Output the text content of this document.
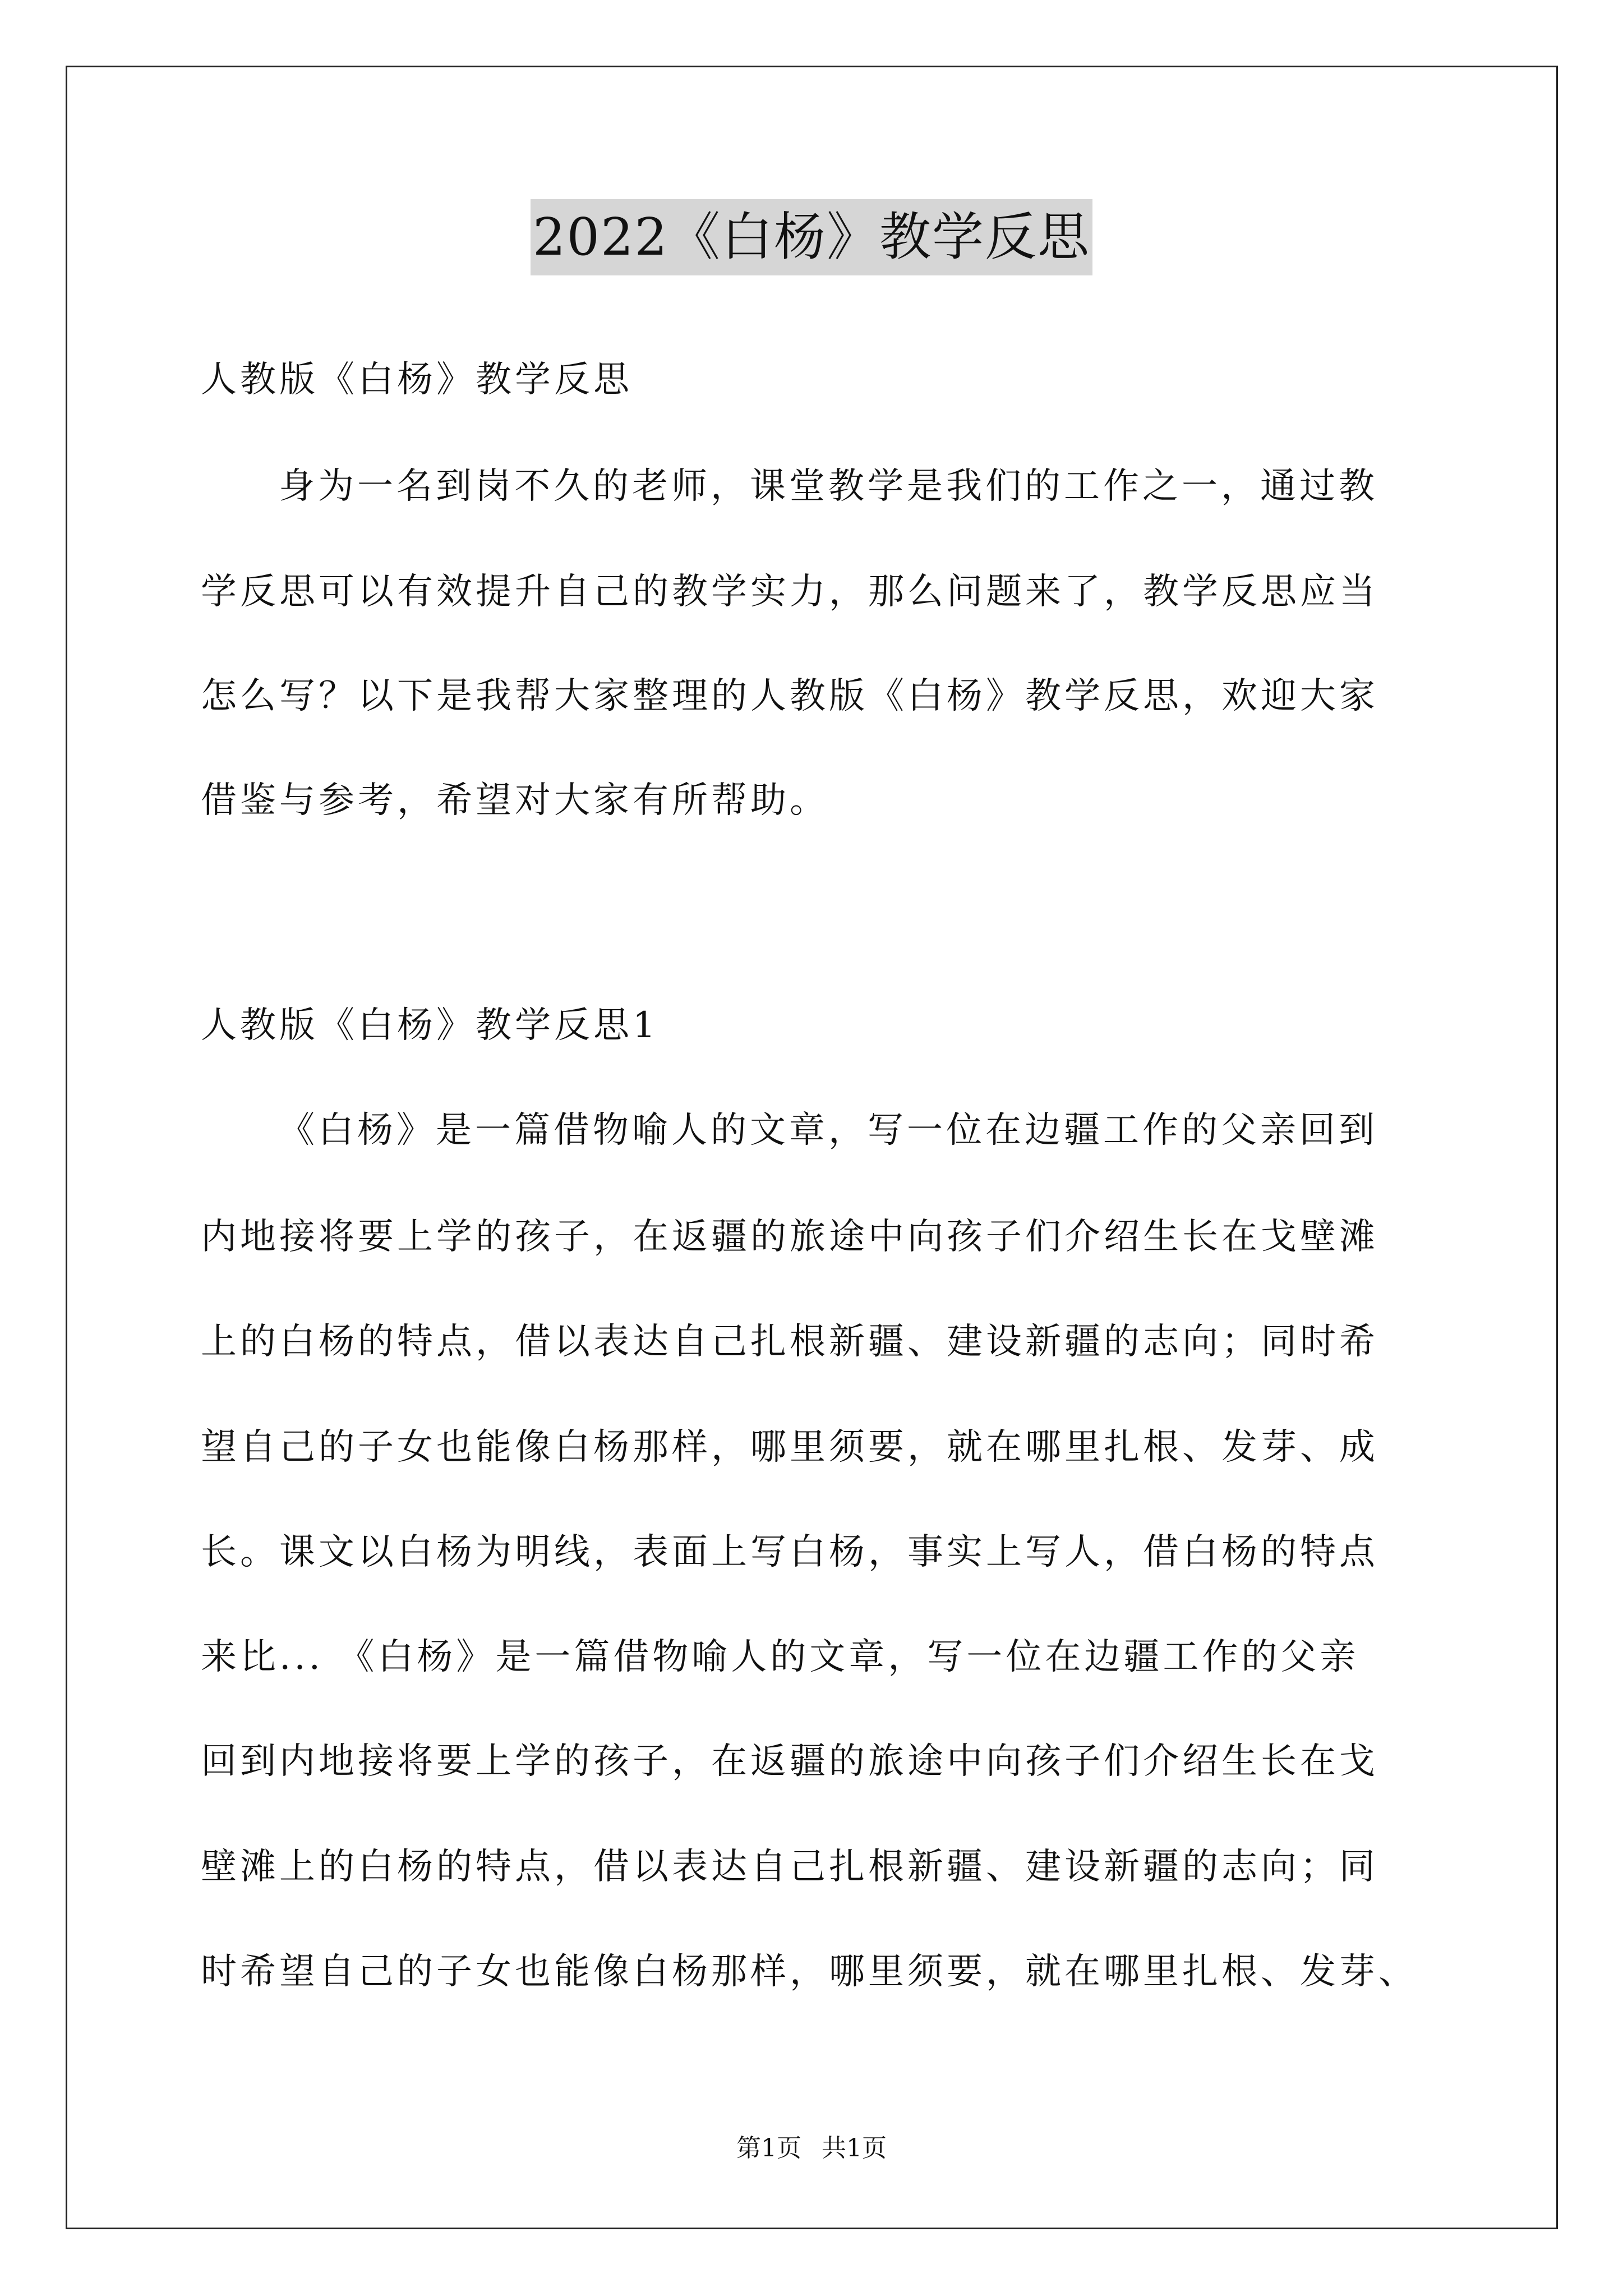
2022《白杨》教学反思
人教版《白杨》教学反思
身为一名到岗不久的老师，课堂教学是我们的工作之一，通过教
学反思可以有效提升自己的教学实力，那么问题来了，教学反思应当
怎么写？以下是我帮大家整理的人教版《白杨》教学反思，欢迎大家
借鉴与参考，希望对大家有所帮助。
人教版《白杨》教学反思1
《白杨》是一篇借物喻人的文章，写一位在边疆工作的父亲回到
内地接将要上学的孩子，在返疆的旅途中向孩子们介绍生长在戈壁滩
上的白杨的特点，借以表达自己扎根新疆、建设新疆的志向；同时希
望自己的子女也能像白杨那样，哪里须要，就在哪里扎根、发芽、成
长。课文以白杨为明线，表面上写白杨，事实上写人，借白杨的特点
来比... 《白杨》是一篇借物喻人的文章，写一位在边疆工作的父亲
回到内地接将要上学的孩子，在返疆的旅途中向孩子们介绍生长在戈
壁滩上的白杨的特点，借以表达自己扎根新疆、建设新疆的志向；同
时希望自己的子女也能像白杨那样，哪里须要，就在哪里扎根、发芽、
第1页 共1页
